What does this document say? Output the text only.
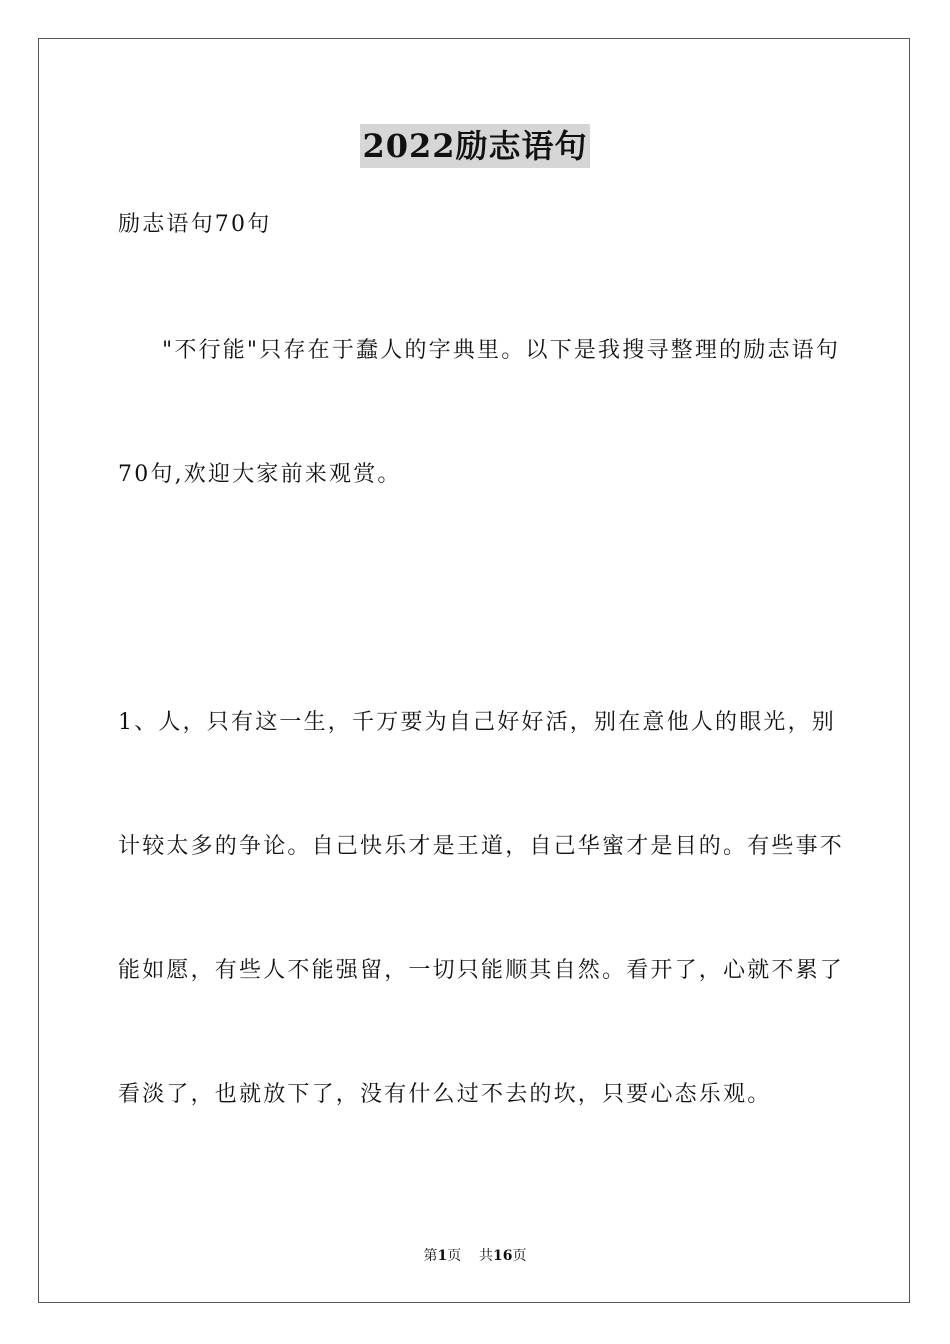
2022励志语句
励志语句70句
"不行能"只存在于蠢人的字典里。以下是我搜寻整理的励志语句
70句,欢迎大家前来观赏。
1、人，只有这一生，千万要为自己好好活，别在意他人的眼光，别
计较太多的争论。自己快乐才是王道，自己华蜜才是目的。有些事不
能如愿，有些人不能强留，一切只能顺其自然。看开了，心就不累了
看淡了，也就放下了，没有什么过不去的坎，只要心态乐观。
第1页 共16页
